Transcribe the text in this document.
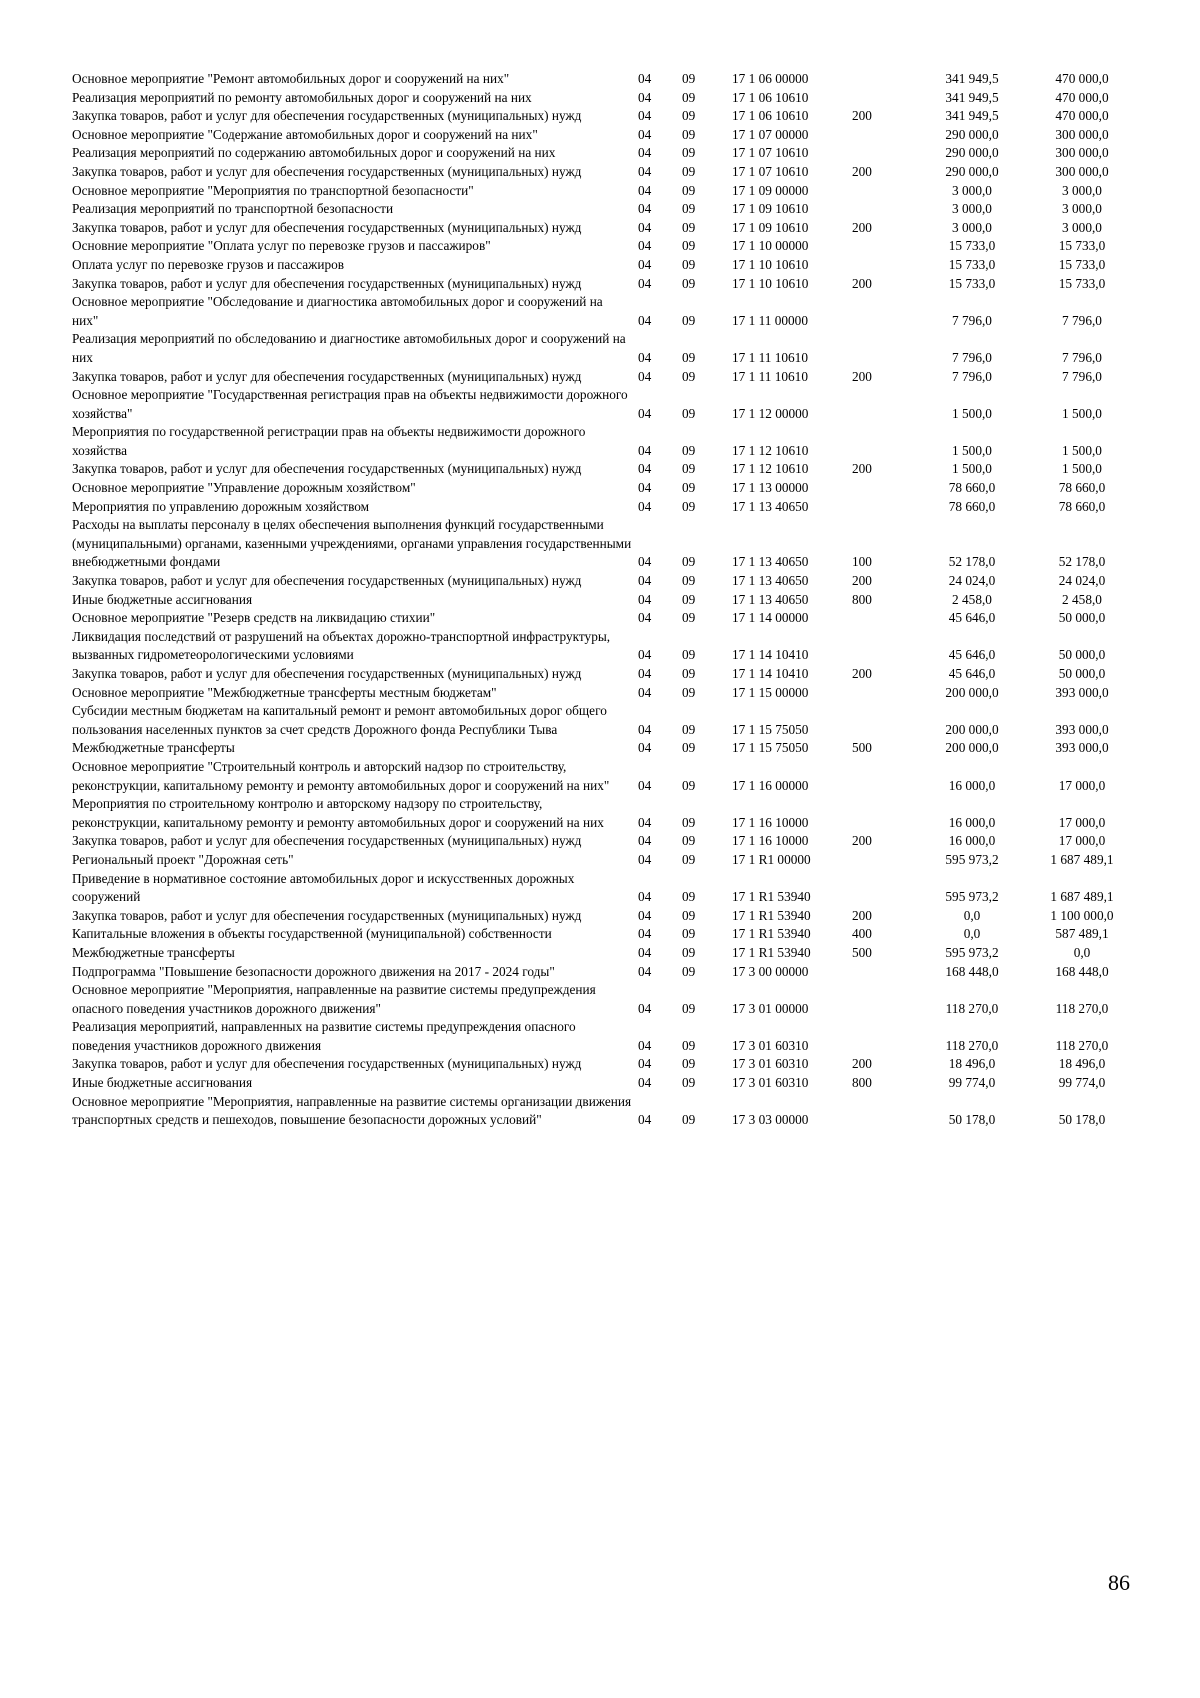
Основное мероприятие "Ремонт автомобильных дорог и сооружений на них"	04	09	17 1 06 00000		341 949,5	470 000,0
Реализация мероприятий по ремонту автомобильных дорог и сооружений на них	04	09	17 1 06 10610		341 949,5	470 000,0
Закупка товаров, работ и услуг для обеспечения государственных (муниципальных) нужд	04	09	17 1 06 10610	200	341 949,5	470 000,0
Основное мероприятие "Содержание автомобильных дорог и сооружений на них"	04	09	17 1 07 00000		290 000,0	300 000,0
Реализация мероприятий по содержанию автомобильных дорог и сооружений на них	04	09	17 1 07 10610		290 000,0	300 000,0
Закупка товаров, работ и услуг для обеспечения государственных (муниципальных) нужд	04	09	17 1 07 10610	200	290 000,0	300 000,0
Основное мероприятие "Мероприятия по транспортной безопасности"	04	09	17 1 09 00000		3 000,0	3 000,0
Реализация мероприятий по транспортной безопасности	04	09	17 1 09 10610		3 000,0	3 000,0
Закупка товаров, работ и услуг для обеспечения государственных (муниципальных) нужд	04	09	17 1 09 10610	200	3 000,0	3 000,0
Основние мероприятие "Оплата услуг по перевозке грузов и пассажиров"	04	09	17 1 10 00000		15 733,0	15 733,0
Оплата услуг по перевозке грузов и пассажиров	04	09	17 1 10 10610		15 733,0	15 733,0
Закупка товаров, работ и услуг для обеспечения государственных (муниципальных) нужд	04	09	17 1 10 10610	200	15 733,0	15 733,0
Основное мероприятие "Обследование и диагностика автомобильных дорог и сооружений на них"	04	09	17 1 11 00000		7 796,0	7 796,0
Реализация мероприятий по обследованию и диагностике автомобильных дорог и сооружений на них	04	09	17 1 11 10610		7 796,0	7 796,0
Закупка товаров, работ и услуг для обеспечения государственных (муниципальных) нужд	04	09	17 1 11 10610	200	7 796,0	7 796,0
Основное мероприятие "Государственная регистрация прав на объекты недвижимости дорожного хозяйства"	04	09	17 1 12 00000		1 500,0	1 500,0
Мероприятия по государственной регистрации прав на объекты недвижимости дорожного хозяйства	04	09	17 1 12 10610		1 500,0	1 500,0
Закупка товаров, работ и услуг для обеспечения государственных (муниципальных) нужд	04	09	17 1 12 10610	200	1 500,0	1 500,0
Основное мероприятие "Управление дорожным хозяйством"	04	09	17 1 13 00000		78 660,0	78 660,0
Мероприятия по управлению дорожным хозяйством	04	09	17 1 13 40650		78 660,0	78 660,0
Расходы на выплаты персоналу в целях обеспечения выполнения функций государственными (муниципальными) органами, казенными учреждениями, органами управления государственными внебюджетными фондами	04	09	17 1 13 40650	100	52 178,0	52 178,0
Закупка товаров, работ и услуг для обеспечения государственных (муниципальных) нужд	04	09	17 1 13 40650	200	24 024,0	24 024,0
Иные бюджетные ассигнования	04	09	17 1 13 40650	800	2 458,0	2 458,0
Основное мероприятие "Резерв средств на ликвидацию стихии"	04	09	17 1 14 00000		45 646,0	50 000,0
Ликвидация последствий от разрушений на объектах дорожно-транспортной инфраструктуры, вызванных гидрометеорологическими условиями	04	09	17 1 14 10410		45 646,0	50 000,0
Закупка товаров, работ и услуг для обеспечения государственных (муниципальных) нужд	04	09	17 1 14 10410	200	45 646,0	50 000,0
Основное мероприятие "Межбюджетные трансферты местным бюджетам"	04	09	17 1 15 00000		200 000,0	393 000,0
Субсидии местным бюджетам на капитальный ремонт и ремонт автомобильных дорог общего пользования населенных пунктов за счет средств Дорожного фонда Республики Тыва	04	09	17 1 15 75050		200 000,0	393 000,0
Межбюджетные трансферты	04	09	17 1 15 75050	500	200 000,0	393 000,0
Основное мероприятие "Строительный контроль и авторский надзор по строительству, реконструкции, капитальному ремонту и ремонту автомобильных дорог и сооружений на них"	04	09	17 1 16 00000		16 000,0	17 000,0
Мероприятия по строительному контролю и авторскому надзору по строительству, реконструкции, капитальному ремонту и ремонту автомобильных дорог и сооружений на них	04	09	17 1 16 10000		16 000,0	17 000,0
Закупка товаров, работ и услуг для обеспечения государственных (муниципальных) нужд	04	09	17 1 16 10000	200	16 000,0	17 000,0
Региональный проект "Дорожная сеть"	04	09	17 1 R1 00000		595 973,2	1 687 489,1
Приведение в нормативное состояние автомобильных дорог и искусственных дорожных сооружений	04	09	17 1 R1 53940		595 973,2	1 687 489,1
Закупка товаров, работ и услуг для обеспечения государственных (муниципальных) нужд	04	09	17 1 R1 53940	200	0,0	1 100 000,0
Капитальные вложения в объекты государственной (муниципальной) собственности	04	09	17 1 R1 53940	400	0,0	587 489,1
Межбюджетные трансферты	04	09	17 1 R1 53940	500	595 973,2	0,0
Подпрограмма "Повышение безопасности дорожного движения на 2017 - 2024 годы"	04	09	17 3 00 00000		168 448,0	168 448,0
Основное мероприятие "Мероприятия, направленные на развитие системы предупреждения опасного поведения участников дорожного движения"	04	09	17 3 01 00000		118 270,0	118 270,0
Реализация мероприятий, направленных на развитие системы предупреждения опасного поведения участников дорожного движения	04	09	17 3 01 60310		118 270,0	118 270,0
Закупка товаров, работ и услуг для обеспечения государственных (муниципальных) нужд	04	09	17 3 01 60310	200	18 496,0	18 496,0
Иные бюджетные ассигнования	04	09	17 3 01 60310	800	99 774,0	99 774,0
Основное мероприятие "Мероприятия, направленные на развитие системы организации движения транспортных средств и пешеходов, повышение безопасности дорожных условий"	04	09	17 3 03 00000		50 178,0	50 178,0
86
